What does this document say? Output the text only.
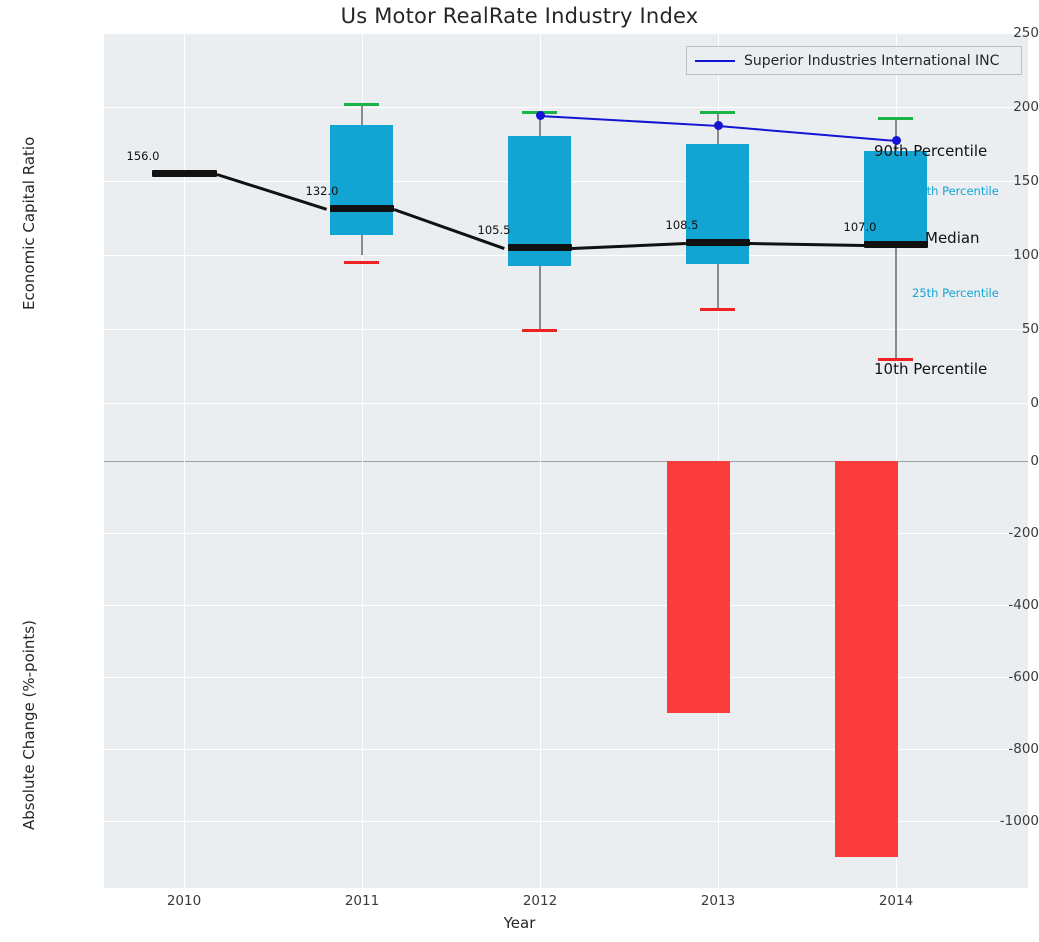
Us Motor RealRate Industry Index
156.0
132.0
105.5	108.5	107.0
Superior Industries International INC
90th Percentile
75th Percentile
Median
25th Percentile
10th Percentile
250
200
150
100
50
0
Economic Capital Ratio
0
-200
-400
-600
-800
-1000
Absolute Change (%-points)
2010	2011	2012	2013	2014
Year
